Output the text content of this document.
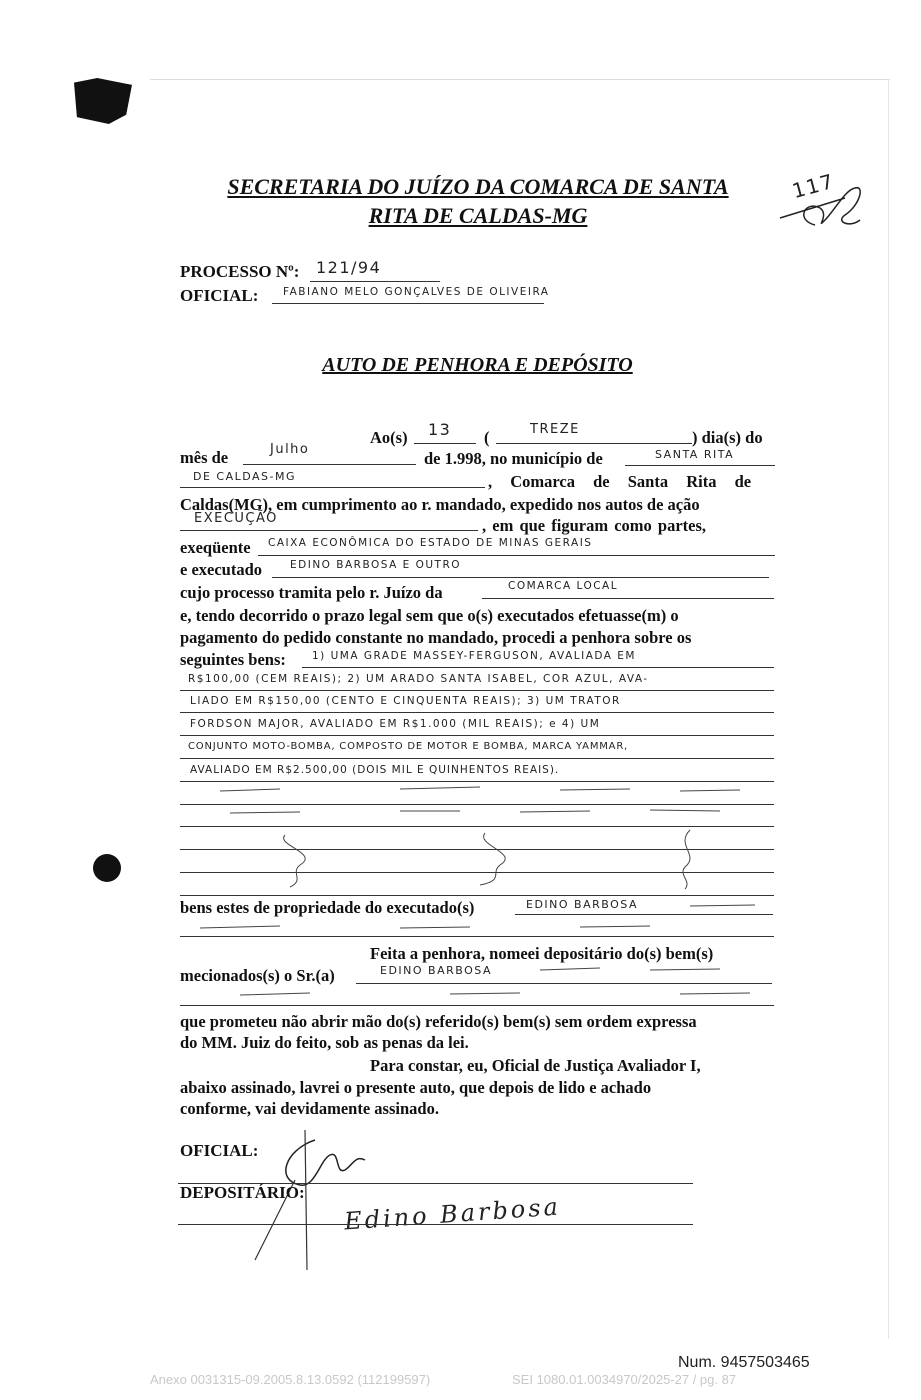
SECRETARIA DO JUÍZO DA COMARCA DE SANTA
RITA DE CALDAS-MG
117
PROCESSO Nº: 121/94
OFICIAL: FABIANO MELO GONÇALVES DE OLIVEIRA
AUTO DE PENHORA E DEPÓSITO
Ao(s) 13 (	TREZE	) dia(s) do
mês de	Julho	de 1.998, no município de	SANTA RITA
DE CALDAS-MG	, Comarca de Santa Rita de
Caldas(MG), em cumprimento ao r. mandado, expedido nos autos de ação
EXECUÇÃO	, em que figuram como partes,
exeqüente CAIXA ECONÔMICA DO ESTADO DE MINAS GERAIS
e executado	EDINO BARBOSA E OUTRO
cujo processo tramita pelo r. Juízo da	COMARCA LOCAL
e, tendo decorrido o prazo legal sem que o(s) executados efetuasse(m) o
pagamento do pedido constante no mandado, procedi a penhora sobre os
seguintes bens: 1) UMA GRADE MASSEY-FERGUSON, AVALIADA EM
R$100,00 (CEM REAIS); 2) UM ARADO SANTA ISABEL, COR AZUL, AVA-
LIADO EM R$150,00 (CENTO E CINQUENTA REAIS); 3) UM TRATOR
FORDSON MAJOR, AVALIADO EM R$1.000 (MIL REAIS); e 4) UM
CONJUNTO MOTO-BOMBA, COMPOSTO DE MOTOR E BOMBA, MARCA YAMMAR,
AVALIADO EM R$2.500,00 (DOIS MIL E QUINHENTOS REAIS).
bens estes de propriedade do executado(s)	EDINO BARBOSA
Feita a penhora, nomeei depositário do(s) bem(s)
mecionados(s) o Sr.(a)	EDINO BARBOSA
que prometeu não abrir mão do(s) referido(s) bem(s) sem ordem expressa
do MM. Juiz do feito, sob as penas da lei.
Para constar, eu, Oficial de Justiça Avaliador I,
abaixo assinado, lavrei o presente auto, que depois de lido e achado
conforme, vai devidamente assinado.
OFICIAL:
DEPOSITÁRIO: Edino Barbosa
Num. 9457503465
Anexo 0031315-09.2005.8.13.0592 (112199597)	SEI 1080.01.0034970/2025-27 / pg. 87
